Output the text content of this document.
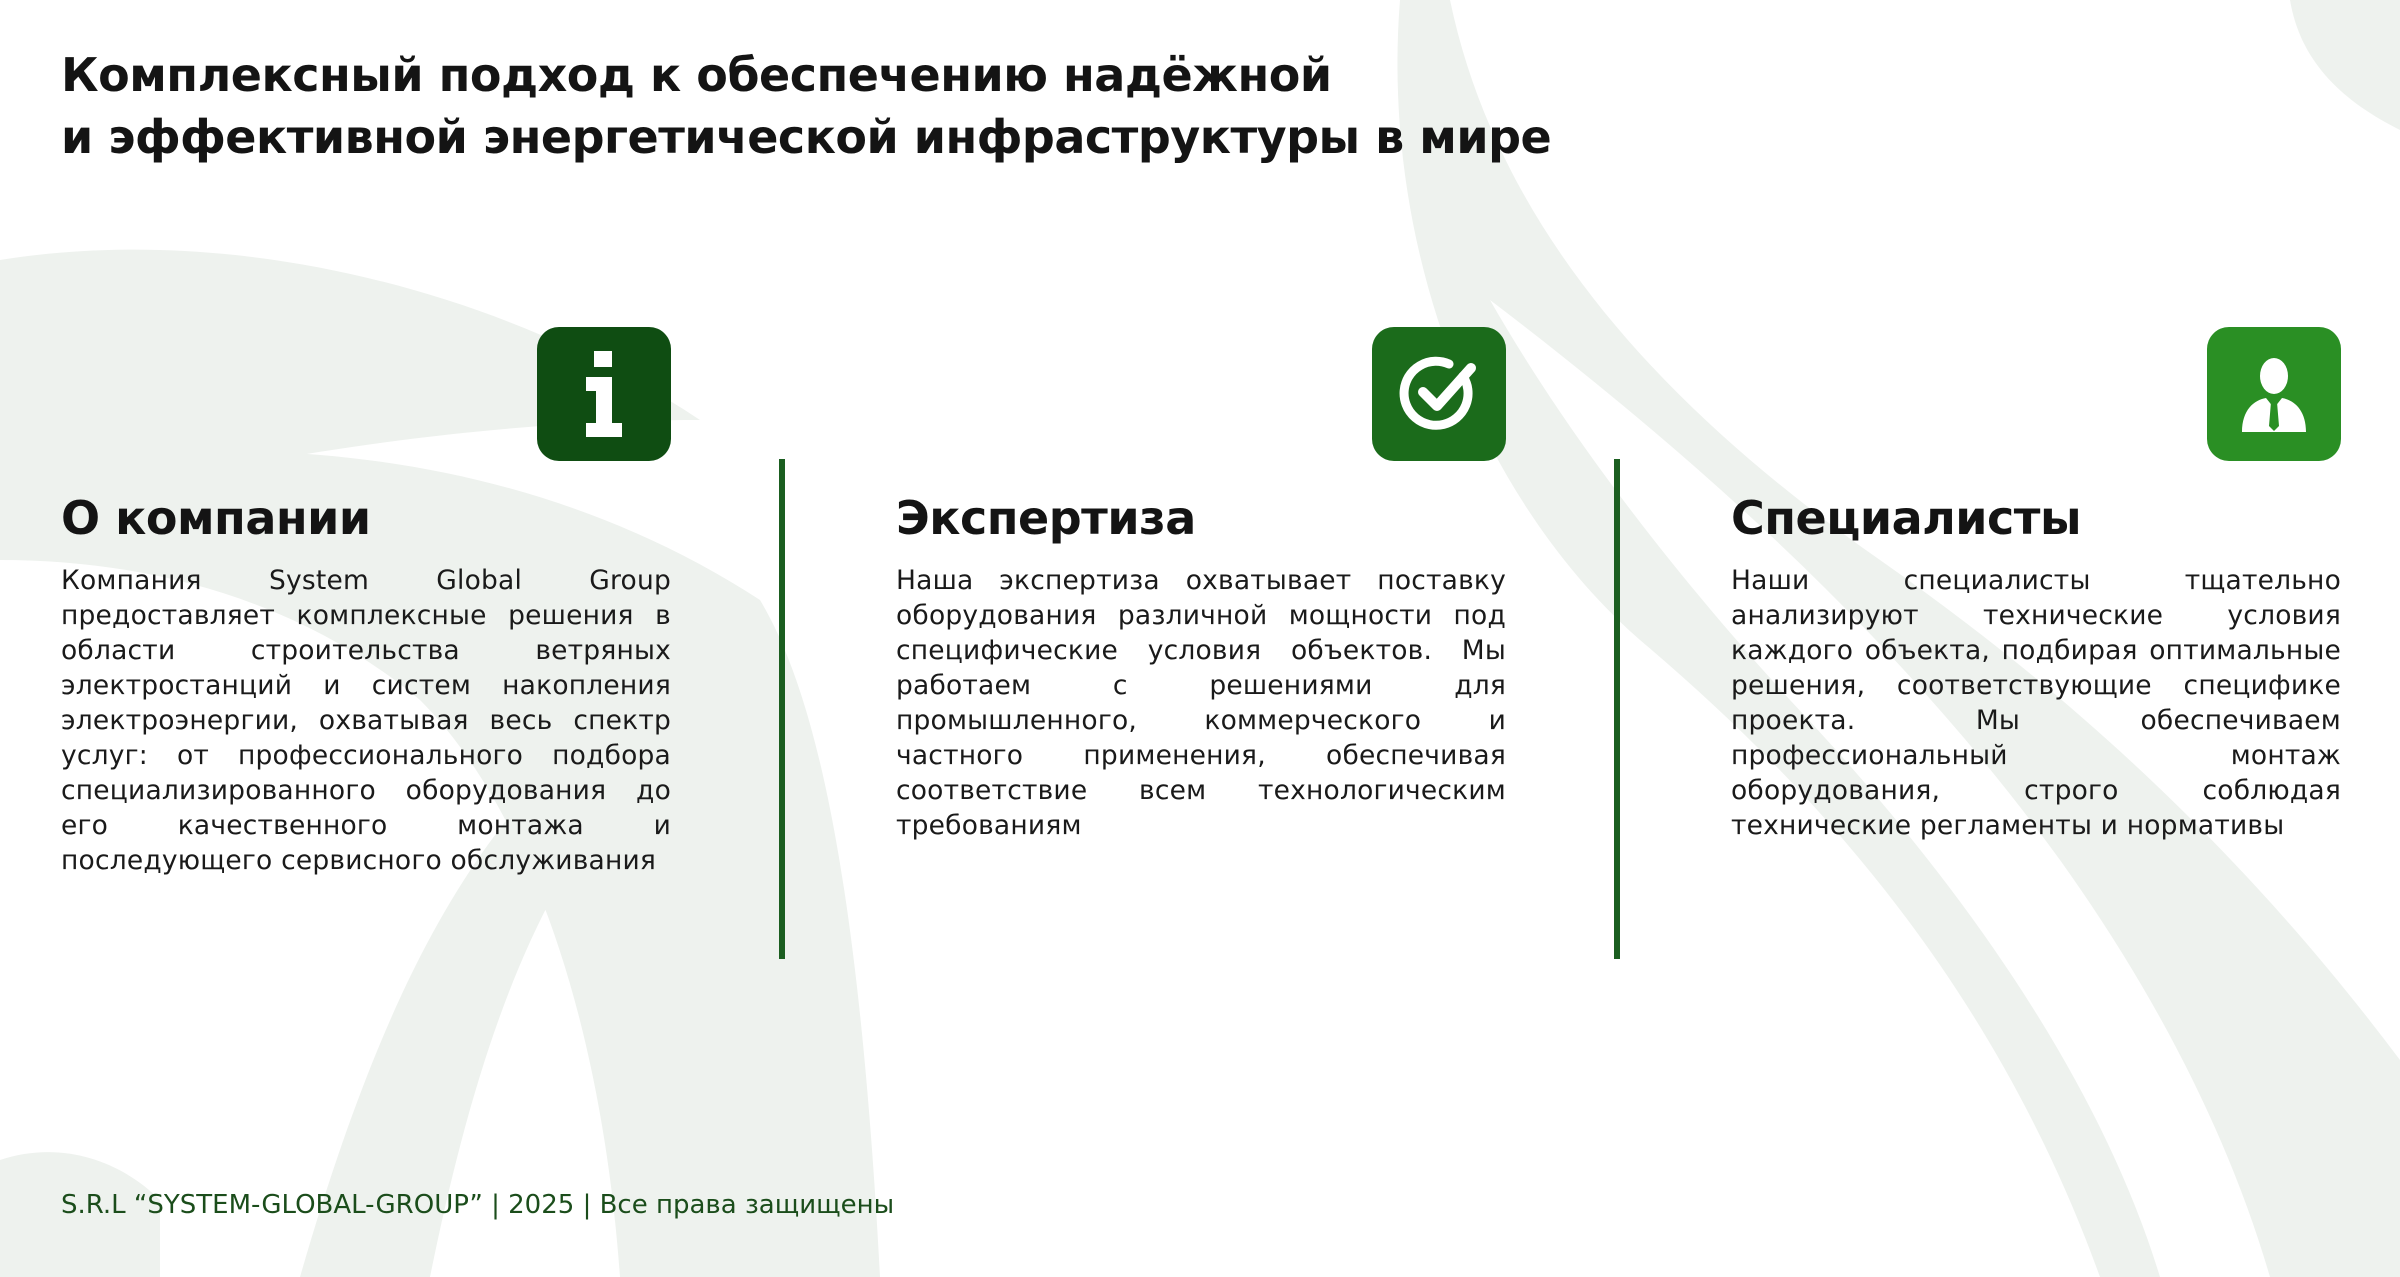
Комплексный подход к обеспечению надёжной
и эффективной энергетической инфраструктуры в мире
О компании

Компания System Global Group предоставляет комплексные решения в области строительства ветряных электростанций и систем накопления электроэнергии, охватывая весь спектр услуг: от профессионального подбора специализированного оборудования до его качественного монтажа и последующего сервисного обслуживания

Экспертиза

Наша экспертиза охватывает поставку оборудования различной мощности под специфические условия объектов. Мы работаем с решениями для промышленного, коммерческого и частного применения, обеспечивая соответствие всем технологическим требованиям

Специалисты

Наши специалисты тщательно анализируют технические условия каждого объекта, подбирая оптимальные решения, соответствующие специфике проекта. Мы обеспечиваем профессиональный монтаж оборудования, строго соблюдая технические регламенты и нормативы

S.R.L “SYSTEM-GLOBAL-GROUP” | 2025 | Все права защищены
